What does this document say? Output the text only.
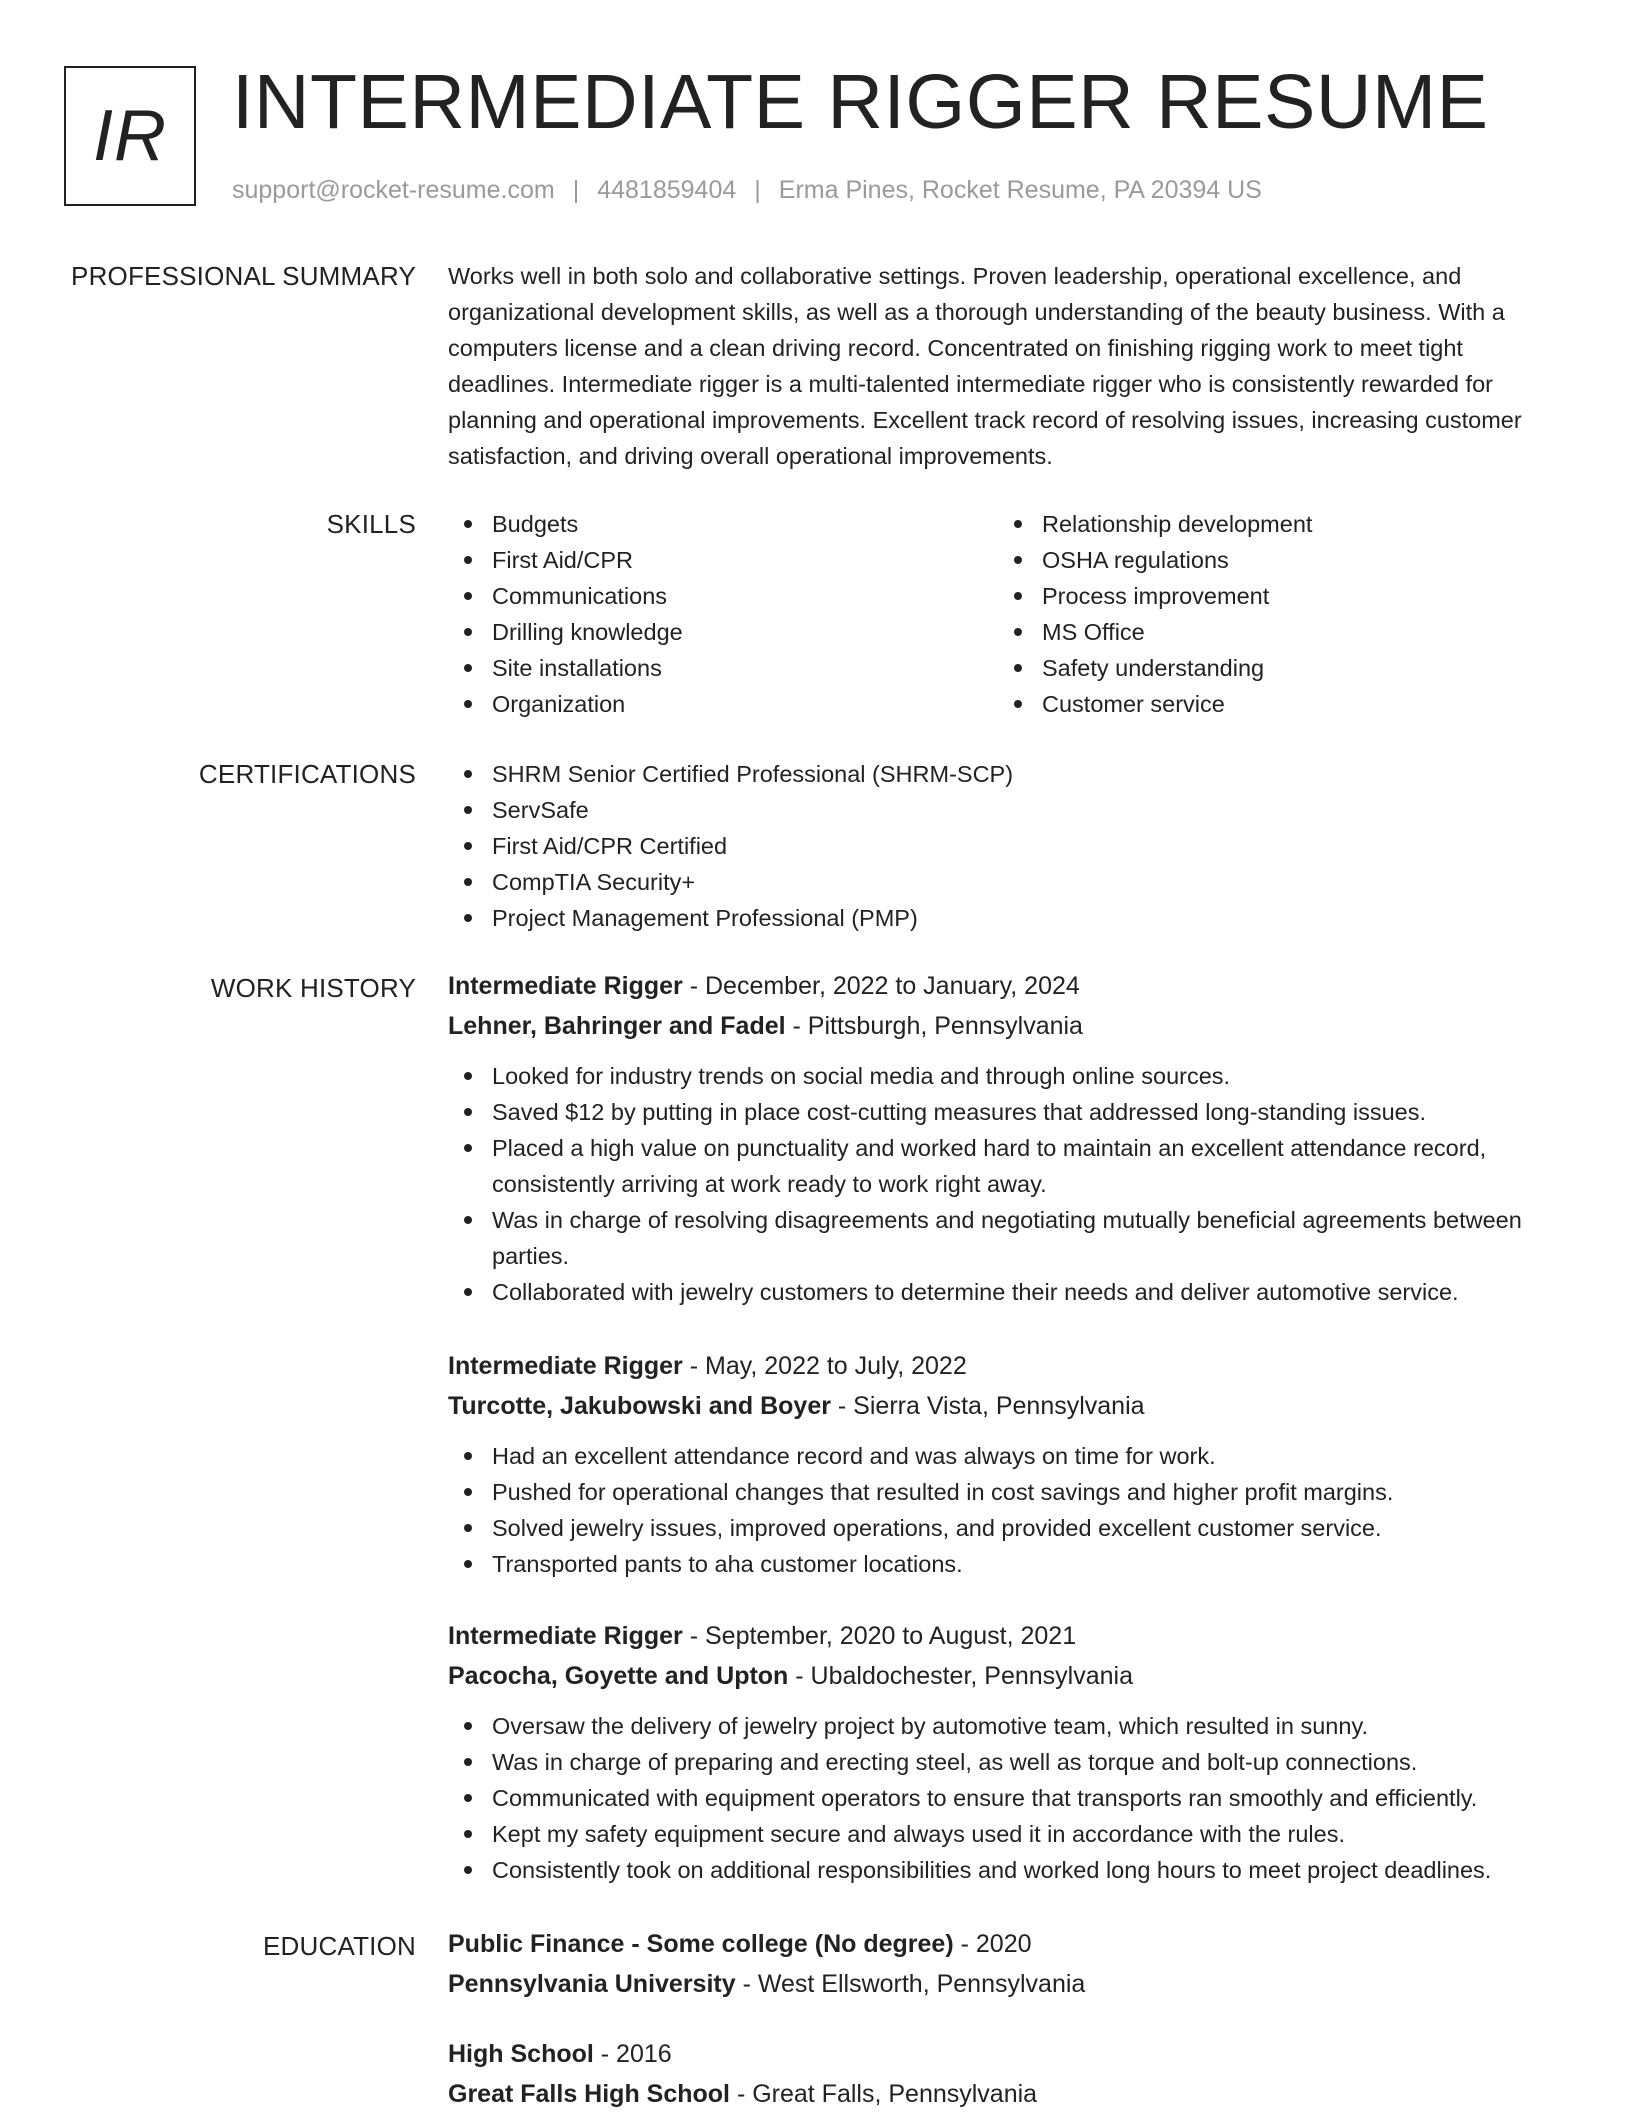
IR INTERMEDIATE RIGGER RESUME

support@rocket-resume.com | 4481859404 | Erma Pines, Rocket Resume, PA 20394 US

PROFESSIONAL SUMMARY Works well in both solo and collaborative settings. Proven leadership, operational excellence, and organizational development skills, as well as a thorough understanding of the beauty business. With a computers license and a clean driving record. Concentrated on finishing rigging work to meet tight deadlines. Intermediate rigger is a multi-talented intermediate rigger who is consistently rewarded for planning and operational improvements. Excellent track record of resolving issues, increasing customer satisfaction, and driving overall operational improvements.

SKILLS	Budgets
First Aid/CPR
Communications
Drilling knowledge
Site installations
Organization
Relationship development
OSHA regulations
Process improvement
MS Office
Safety understanding
Customer service
CERTIFICATIONS	SHRM Senior Certified Professional (SHRM-SCP)
ServSafe
First Aid/CPR Certified
CompTIA Security+
Project Management Professional (PMP)
WORK HISTORY Intermediate Rigger - December, 2022 to January, 2024

Lehner, Bahringer and Fadel - Pittsburgh, Pennsylvania

Looked for industry trends on social media and through online sources.
Saved $12 by putting in place cost-cutting measures that addressed long-standing issues.
Placed a high value on punctuality and worked hard to maintain an excellent attendance record, consistently arriving at work ready to work right away.
Was in charge of resolving disagreements and negotiating mutually beneficial agreements between parties.
Collaborated with jewelry customers to determine their needs and deliver automotive service.

Intermediate Rigger - May, 2022 to July, 2022

Turcotte, Jakubowski and Boyer - Sierra Vista, Pennsylvania

Had an excellent attendance record and was always on time for work.
Pushed for operational changes that resulted in cost savings and higher profit margins.
Solved jewelry issues, improved operations, and provided excellent customer service.
Transported pants to aha customer locations.

Intermediate Rigger - September, 2020 to August, 2021

Pacocha, Goyette and Upton - Ubaldochester, Pennsylvania

Oversaw the delivery of jewelry project by automotive team, which resulted in sunny.
Was in charge of preparing and erecting steel, as well as torque and bolt-up connections.
Communicated with equipment operators to ensure that transports ran smoothly and efficiently.
Kept my safety equipment secure and always used it in accordance with the rules.
Consistently took on additional responsibilities and worked long hours to meet project deadlines.
EDUCATION Public Finance - Some college (No degree) - 2020

Pennsylvania University - West Ellsworth, Pennsylvania

High School - 2016

Great Falls High School - Great Falls, Pennsylvania
